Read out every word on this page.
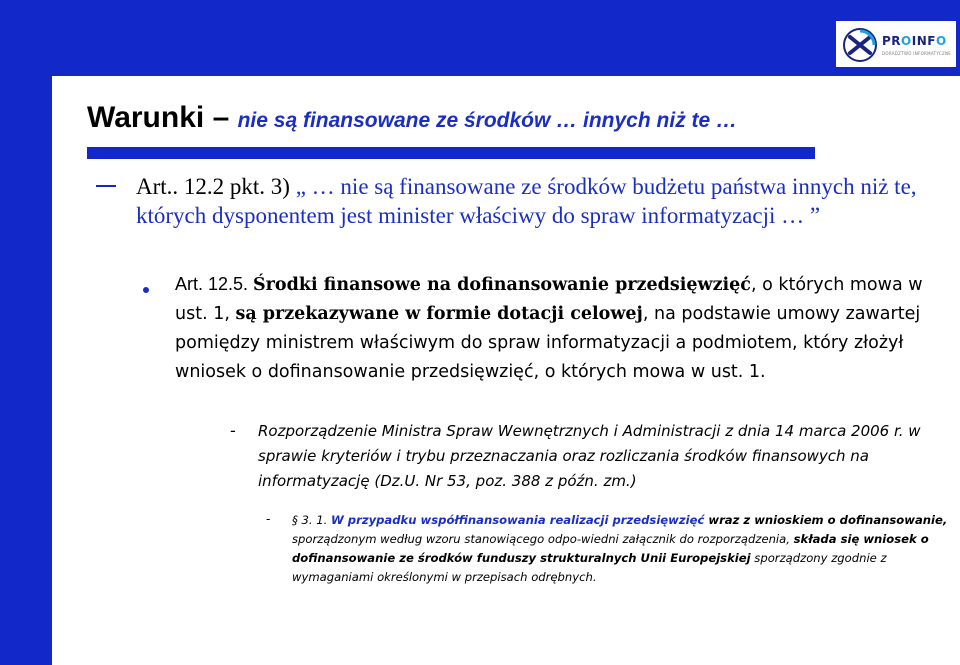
PROINFO
DORADZTWO INFORMATYCZNE
Warunki – nie są finansowane ze środków … innych niż te …
Art.. 12.2 pkt. 3) „ … nie są finansowane ze środków budżetu państwa innych niż te, których dysponentem jest minister właściwy do spraw informatyzacji … ”
Art. 12.5. Środki finansowe na dofinansowanie przedsięwzięć, o których mowa w ust. 1, są przekazywane w formie dotacji celowej, na podstawie umowy zawartej pomiędzy ministrem właściwym do spraw informatyzacji a podmiotem, który złożył wniosek o dofinansowanie przedsięwzięć, o których mowa w ust. 1.
- Rozporządzenie Ministra Spraw Wewnętrznych i Administracji z dnia 14 marca 2006 r. w sprawie kryteriów i trybu przeznaczania oraz rozliczania środków finansowych na informatyzację (Dz.U. Nr 53, poz. 388 z późn. zm.)
- § 3. 1. W przypadku współfinansowania realizacji przedsięwzięć wraz z wnioskiem o dofinansowanie, sporządzonym według wzoru stanowiącego odpo-wiedni załącznik do rozporządzenia, składa się wniosek o dofinansowanie ze środków funduszy strukturalnych Unii Europejskiej sporządzony zgodnie z wymaganiami określonymi w przepisach odrębnych.
